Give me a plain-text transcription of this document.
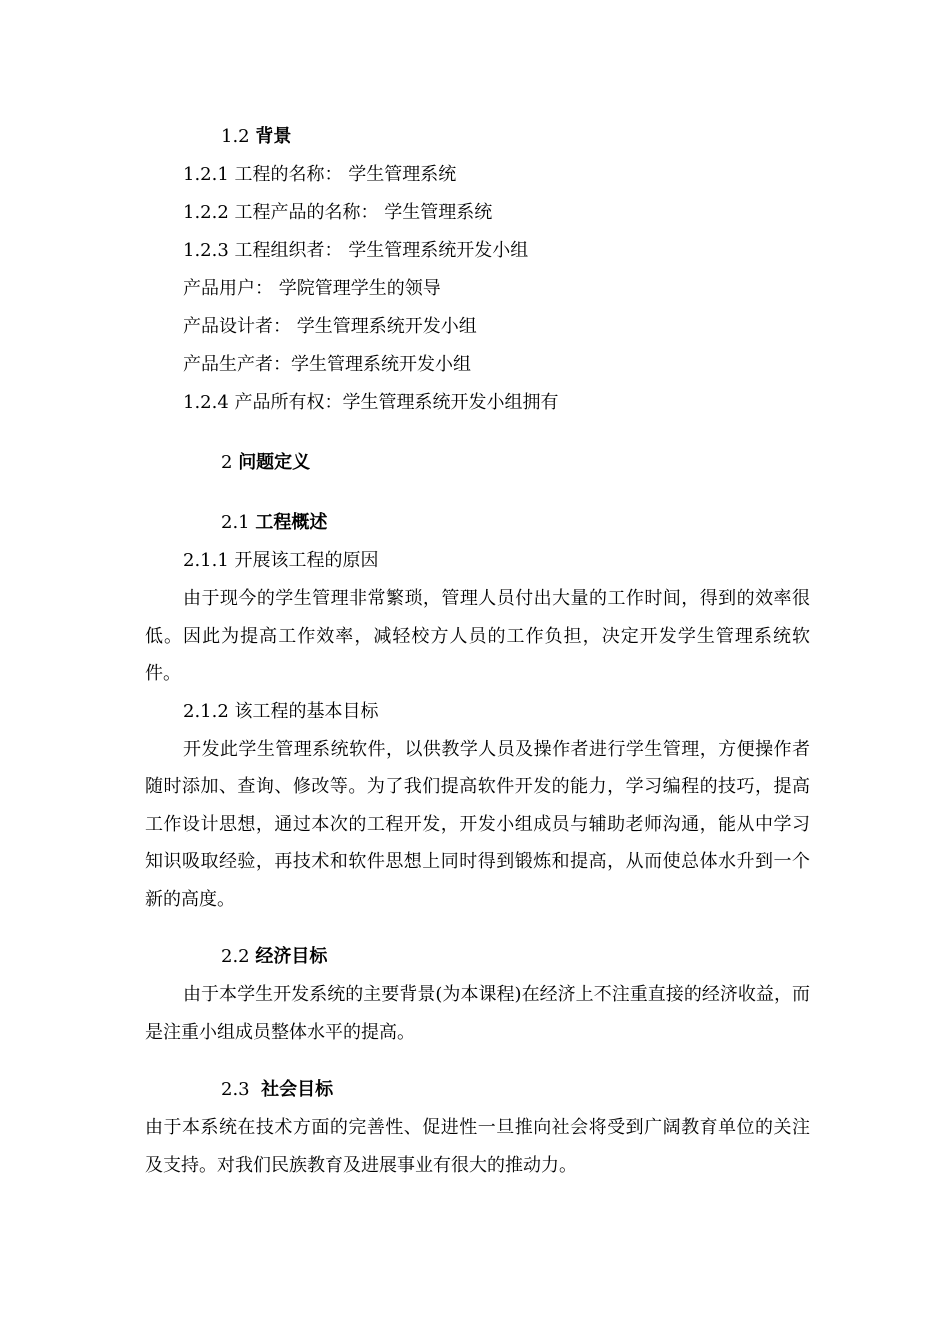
1.2 背景
1.2.1 工程的名称： 学生管理系统
1.2.2 工程产品的名称： 学生管理系统
1.2.3 工程组织者： 学生管理系统开发小组
产品用户： 学院管理学生的领导
产品设计者： 学生管理系统开发小组
产品生产者：学生管理系统开发小组
1.2.4 产品所有权：学生管理系统开发小组拥有
2 问题定义
2.1 工程概述
2.1.1 开展该工程的原因

由于现今的学生管理非常繁琐，管理人员付出大量的工作时间，得到的效率很低。因此为提高工作效率，减轻校方人员的工作负担，决定开发学生管理系统软件。

2.1.2 该工程的基本目标

开发此学生管理系统软件，以供教学人员及操作者进行学生管理，方便操作者随时添加、查询、修改等。为了我们提高软件开发的能力，学习编程的技巧，提高工作设计思想，通过本次的工程开发，开发小组成员与辅助老师沟通，能从中学习知识吸取经验，再技术和软件思想上同时得到锻炼和提高，从而使总体水升到一个新的高度。

2.2 经济目标

由于本学生开发系统的主要背景(为本课程)在经济上不注重直接的经济收益，而是注重小组成员整体水平的提高。

2.3  社会目标

由于本系统在技术方面的完善性、促进性一旦推向社会将受到广阔教育单位的关注及支持。对我们民族教育及进展事业有很大的推动力。
